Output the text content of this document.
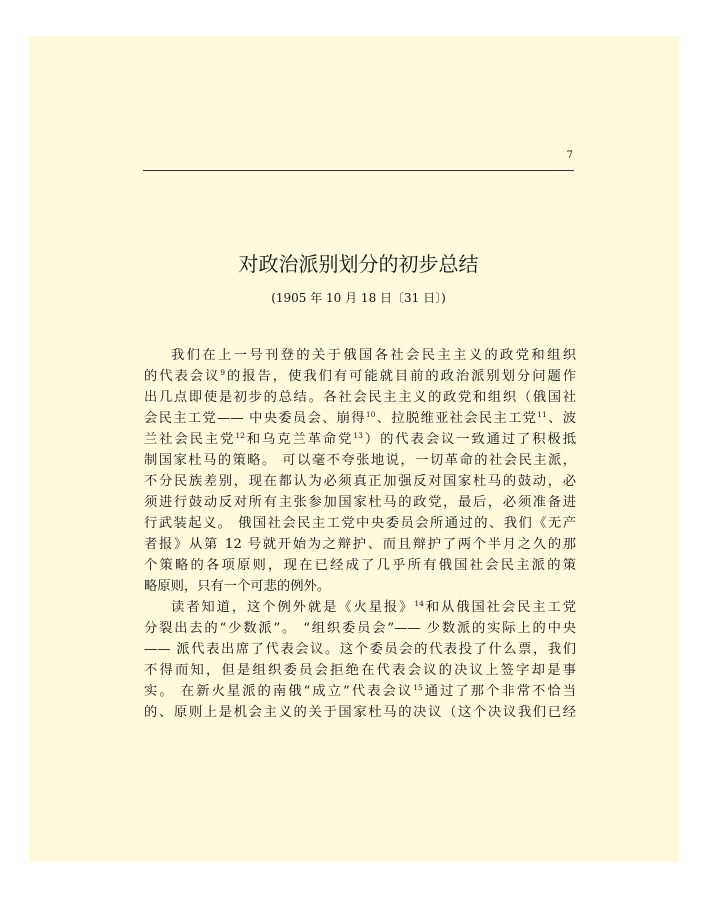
7
对政治派别划分的初步总结
(1905 年 10 月 18 日〔31 日〕)
我们在上一号刊登的关于俄国各社会民主主义的政党和组织
的代表会议$^9$的报告，使我们有可能就目前的政治派别划分问题作
出几点即使是初步的总结。各社会民主主义的政党和组织（俄国社
会民主工党—— 中央委员会、崩得$^{10}$、拉脱维亚社会民主工党$^{11}$、波
兰社会民主党$^{12}$和乌克兰革命党$^{13}$）的代表会议一致通过了积极抵
制国家杜马的策略。 可以毫不夸张地说，一切革命的社会民主派，
不分民族差别，现在都认为必须真正加强反对国家杜马的鼓动，必
须进行鼓动反对所有主张参加国家杜马的政党，最后，必须准备进
行武装起义。 俄国社会民主工党中央委员会所通过的、我们《无产
者报》从第 12 号就开始为之辩护、而且辩护了两个半月之久的那
个策略的各项原则，现在已经成了几乎所有俄国社会民主派的策
略原则，只有一个可悲的例外。
读者知道，这个例外就是《火星报》$^{14}$和从俄国社会民主工党
分裂出去的“少数派”。 “组织委员会”—— 少数派的实际上的中央
—— 派代表出席了代表会议。这个委员会的代表投了什么票，我们
不得而知，但是组织委员会拒绝在代表会议的决议上签字却是事
实。 在新火星派的南俄“成立”代表会议$^{15}$通过了那个非常不恰当
的、原则上是机会主义的关于国家杜马的决议（这个决议我们已经
